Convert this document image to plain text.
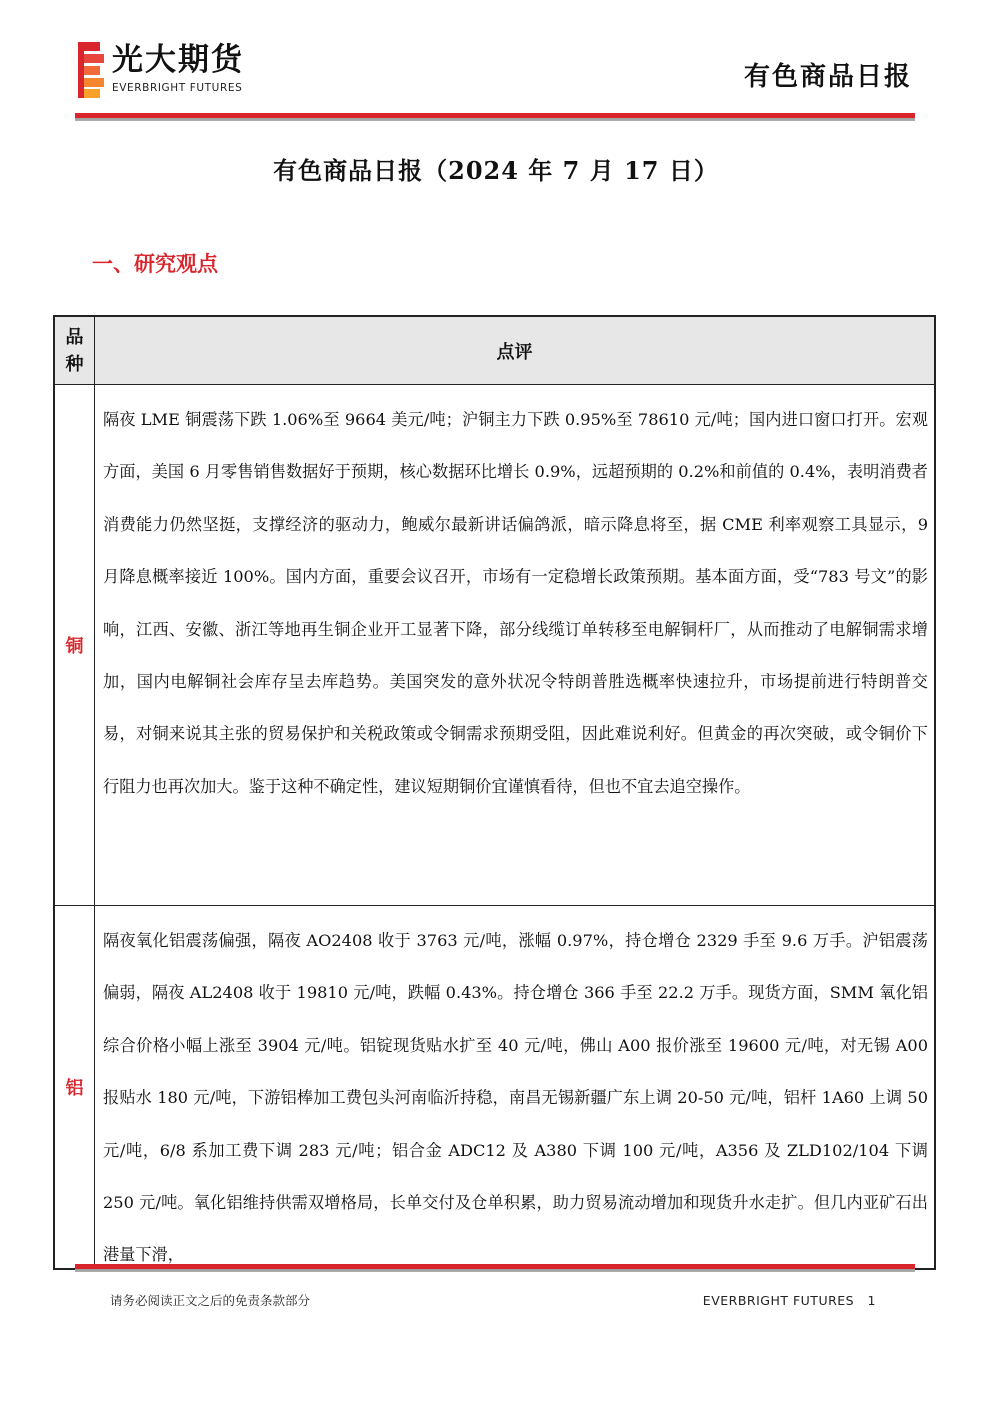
光大期货
EVERBRIGHT FUTURES	有色商品日报
有色商品日报（2024 年 7 月 17 日）
一、研究观点
品种
点评
铜
隔夜 LME 铜震荡下跌 1.06%至 9664 美元/吨；沪铜主力下跌 0.95%至 78610 元/吨；国内进口窗口打开。宏观方面，美国 6 月零售销售数据好于预期，核心数据环比增长 0.9%，远超预期的 0.2%和前值的 0.4%，表明消费者消费能力仍然坚挺，支撑经济的驱动力，鲍威尔最新讲话偏鸽派，暗示降息将至，据 CME 利率观察工具显示，9 月降息概率接近 100%。国内方面，重要会议召开，市场有一定稳增长政策预期。基本面方面，受“783 号文”的影响，江西、安徽、浙江等地再生铜企业开工显著下降，部分线缆订单转移至电解铜杆厂，从而推动了电解铜需求增加，国内电解铜社会库存呈去库趋势。美国突发的意外状况令特朗普胜选概率快速拉升，市场提前进行特朗普交易，对铜来说其主张的贸易保护和关税政策或令铜需求预期受阻，因此难说利好。但黄金的再次突破，或令铜价下行阻力也再次加大。鉴于这种不确定性，建议短期铜价宜谨慎看待，但也不宜去追空操作。
铝
隔夜氧化铝震荡偏强，隔夜 AO2408 收于 3763 元/吨，涨幅 0.97%，持仓增仓 2329 手至 9.6 万手。沪铝震荡偏弱，隔夜 AL2408 收于 19810 元/吨，跌幅 0.43%。持仓增仓 366 手至 22.2 万手。现货方面，SMM 氧化铝综合价格小幅上涨至 3904 元/吨。铝锭现货贴水扩至 40 元/吨，佛山 A00 报价涨至 19600 元/吨，对无锡 A00 报贴水 180 元/吨，下游铝棒加工费包头河南临沂持稳，南昌无锡新疆广东上调 20-50 元/吨，铝杆 1A60 上调 50 元/吨，6/8 系加工费下调 283 元/吨；铝合金 ADC12 及 A380 下调 100 元/吨，A356 及 ZLD102/104 下调 250 元/吨。氧化铝维持供需双增格局，长单交付及仓单积累，助力贸易流动增加和现货升水走扩。但几内亚矿石出港量下滑，
请务必阅读正文之后的免责条款部分	EVERBRIGHT FUTURES 1
